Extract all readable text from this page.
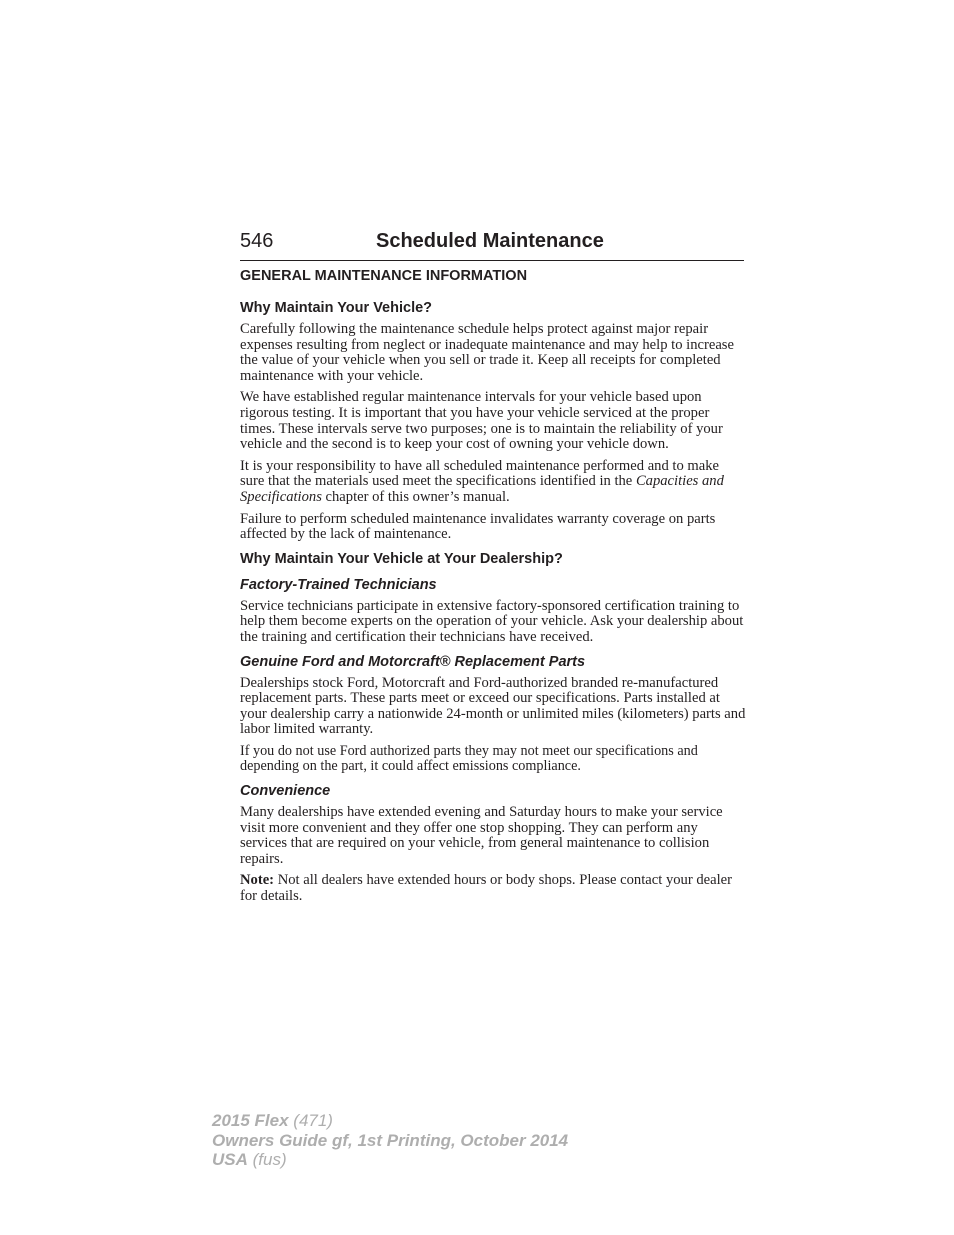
546	Scheduled Maintenance
GENERAL MAINTENANCE INFORMATION
Why Maintain Your Vehicle?

Carefully following the maintenance schedule helps protect against major repair expenses resulting from neglect or inadequate maintenance and may help to increase the value of your vehicle when you sell or trade it. Keep all receipts for completed maintenance with your vehicle.

We have established regular maintenance intervals for your vehicle based upon rigorous testing. It is important that you have your vehicle serviced at the proper times. These intervals serve two purposes; one is to maintain the reliability of your vehicle and the second is to keep your cost of owning your vehicle down.

It is your responsibility to have all scheduled maintenance performed and to make sure that the materials used meet the specifications identified in the Capacities and Specifications chapter of this owner’s manual.

Failure to perform scheduled maintenance invalidates warranty coverage on parts affected by the lack of maintenance.

Why Maintain Your Vehicle at Your Dealership?
Factory-Trained Technicians

Service technicians participate in extensive factory-sponsored certification training to help them become experts on the operation of your vehicle. Ask your dealership about the training and certification their technicians have received.

Genuine Ford and Motorcraft® Replacement Parts

Dealerships stock Ford, Motorcraft and Ford-authorized branded re-manufactured replacement parts. These parts meet or exceed our specifications. Parts installed at your dealership carry a nationwide 24-month or unlimited miles (kilometers) parts and labor limited warranty.

If you do not use Ford authorized parts they may not meet our specifications and depending on the part, it could affect emissions compliance.

Convenience

Many dealerships have extended evening and Saturday hours to make your service visit more convenient and they offer one stop shopping. They can perform any services that are required on your vehicle, from general maintenance to collision repairs.

Note: Not all dealers have extended hours or body shops. Please contact your dealer for details.

2015 Flex (471)
Owners Guide gf, 1st Printing, October 2014
USA (fus)
